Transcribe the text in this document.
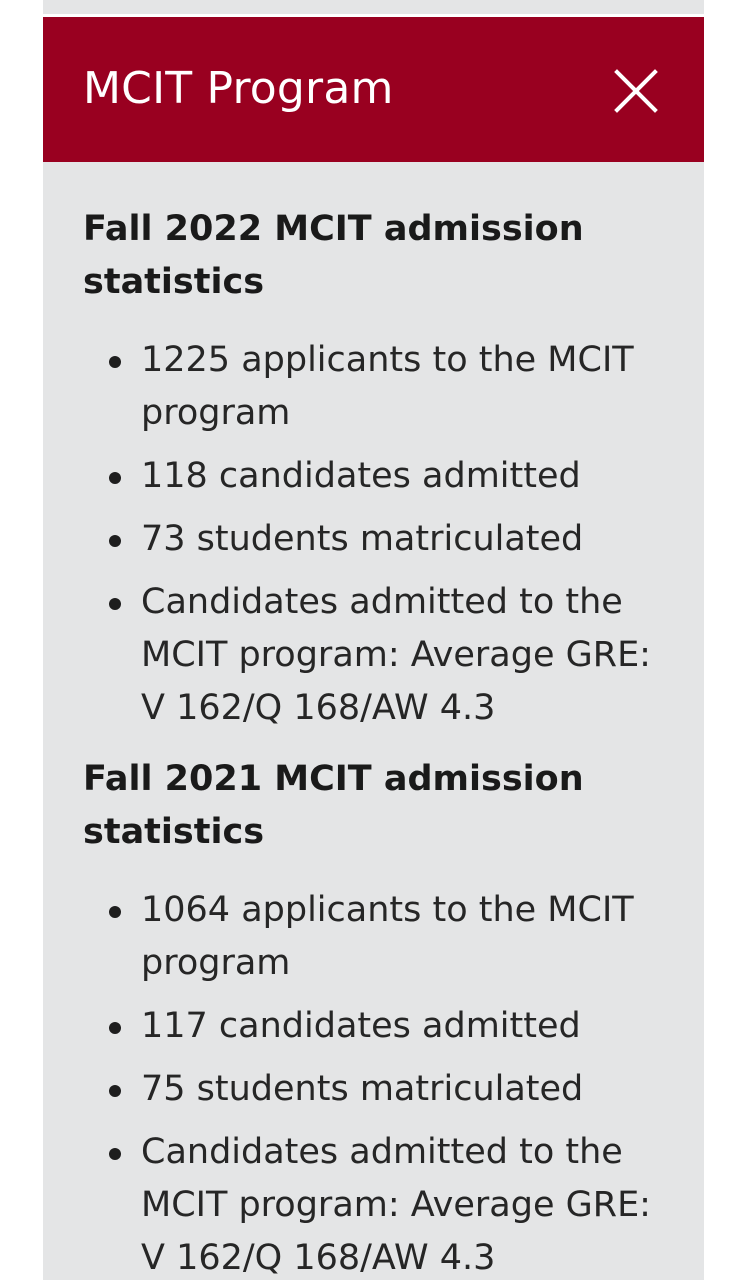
MCIT Program
Fall 2022 MCIT admission statistics
1225 applicants to the MCIT program
118 candidates admitted
73 students matriculated
Candidates admitted to the MCIT program: Average GRE: V 162/Q 168/AW 4.3
Fall 2021 MCIT admission statistics
1064 applicants to the MCIT program
117 candidates admitted
75 students matriculated
Candidates admitted to the MCIT program: Average GRE: V 162/Q 168/AW 4.3
